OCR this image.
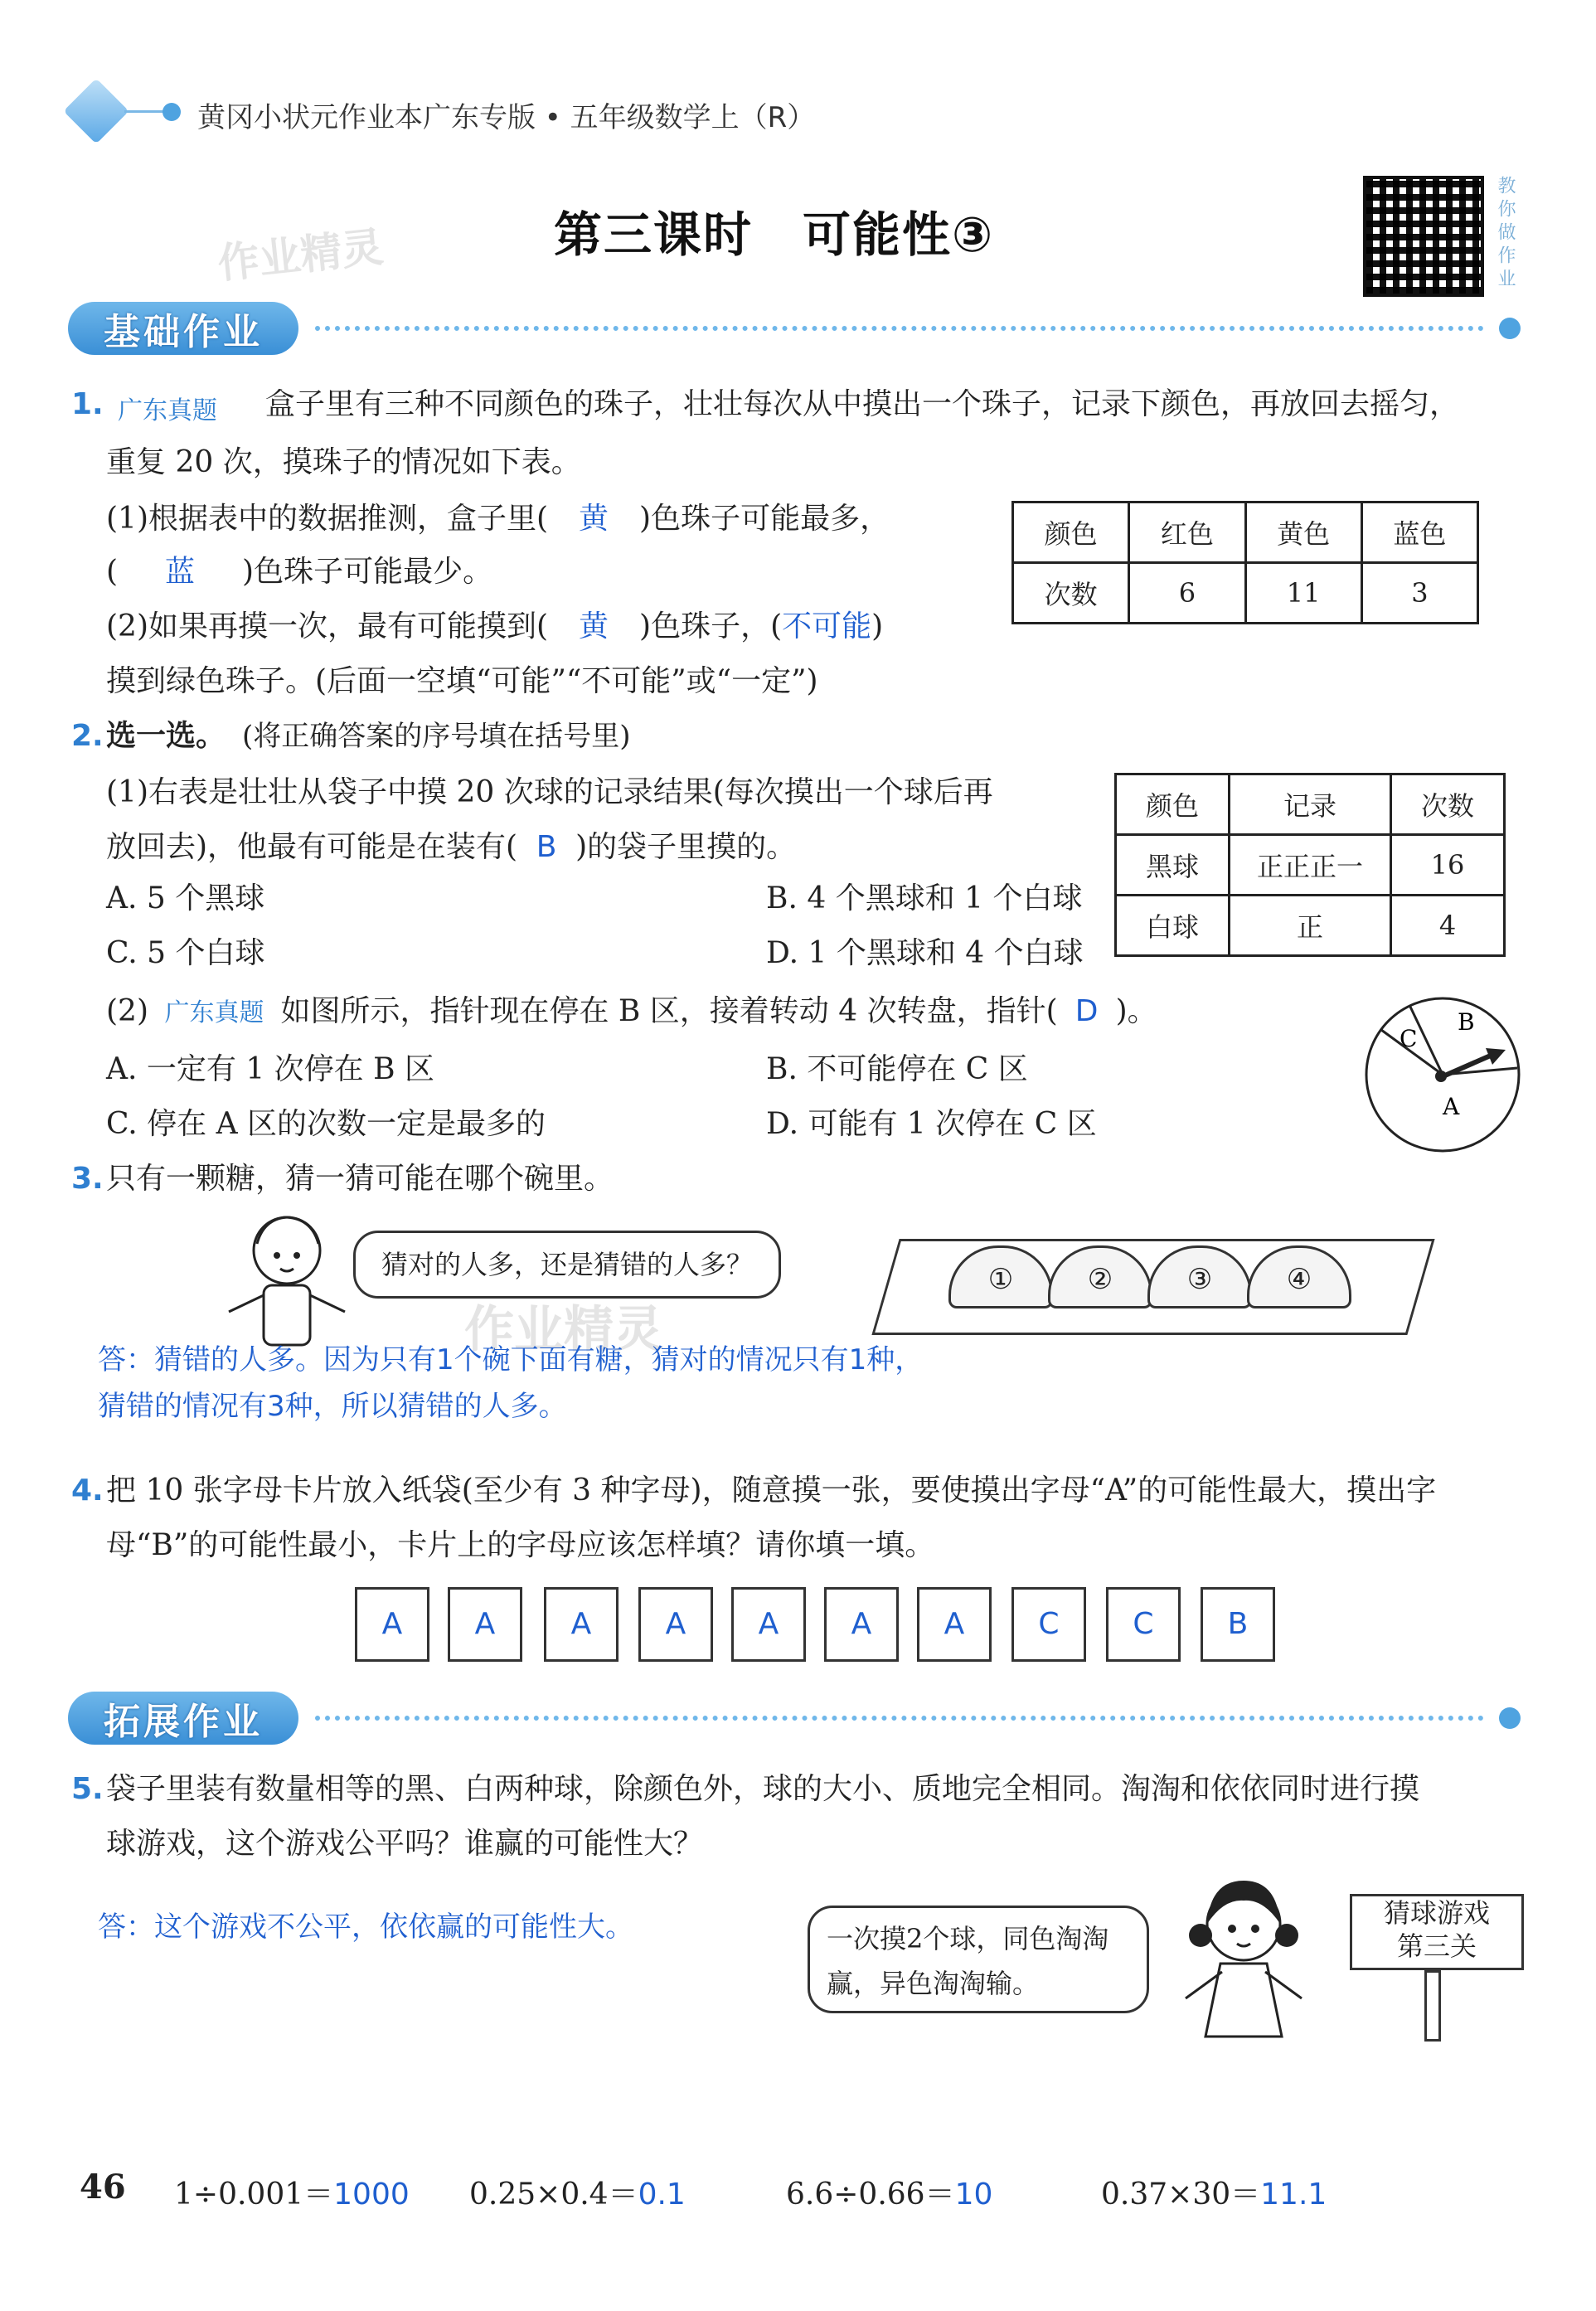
黄冈小状元作业本广东专版 • 五年级数学上（R）
作业精灵	第三课时　可能性③	教你做作业
基础作业
1. 广东真题 盒子里有三种不同颜色的珠子，壮壮每次从中摸出一个珠子，记录下颜色，再放回去摇匀，
重复 20 次，摸珠子的情况如下表。
(1)根据表中的数据推测，盒子里( 黄 )色珠子可能最多，
( 蓝 )色珠子可能最少。
(2)如果再摸一次，最有可能摸到( 黄 )色珠子，(不可能)
摸到绿色珠子。(后面一空填“可能”“不可能”或“一定”)
颜色	红色	黄色	蓝色
次数	6	11	3
2. 选一选。 (将正确答案的序号填在括号里)
(1)右表是壮壮从袋子中摸 20 次球的记录结果(每次摸出一个球后再
放回去)，他最有可能是在装有( B )的袋子里摸的。
A. 5 个黑球	B. 4 个黑球和 1 个白球
C. 5 个白球	D. 1 个黑球和 4 个白球
颜色	记录	次数
黑球	正正正一	16
白球	正	4
(2) 广东真题 如图所示，指针现在停在 B 区，接着转动 4 次转盘，指针( D )。
A. 一定有 1 次停在 B 区	B. 不可能停在 C 区
C. 停在 A 区的次数一定是最多的	D. 可能有 1 次停在 C 区
C
B
A
3. 只有一颗糖，猜一猜可能在哪个碗里。
猜对的人多，还是猜错的人多？	①	②	③	④
作业精灵
答：猜错的人多。因为只有1个碗下面有糖，猜对的情况只有1种，
猜错的情况有3种，所以猜错的人多。
4. 把 10 张字母卡片放入纸袋(至少有 3 种字母)，随意摸一张，要使摸出字母“A”的可能性最大，摸出字
母“B”的可能性最小，卡片上的字母应该怎样填？请你填一填。
A	A	A	A	A	A	A	C	C	B
拓展作业
5. 袋子里装有数量相等的黑、白两种球，除颜色外，球的大小、质地完全相同。淘淘和依依同时进行摸
球游戏，这个游戏公平吗？谁赢的可能性大？
答：这个游戏不公平，依依赢的可能性大。	一次摸2个球，同色淘淘
赢，异色淘淘输。
猜球游戏
第三关
46 1÷0.001＝1000 0.25×0.4＝0.1	6.6÷0.66＝10	0.37×30＝11.1
